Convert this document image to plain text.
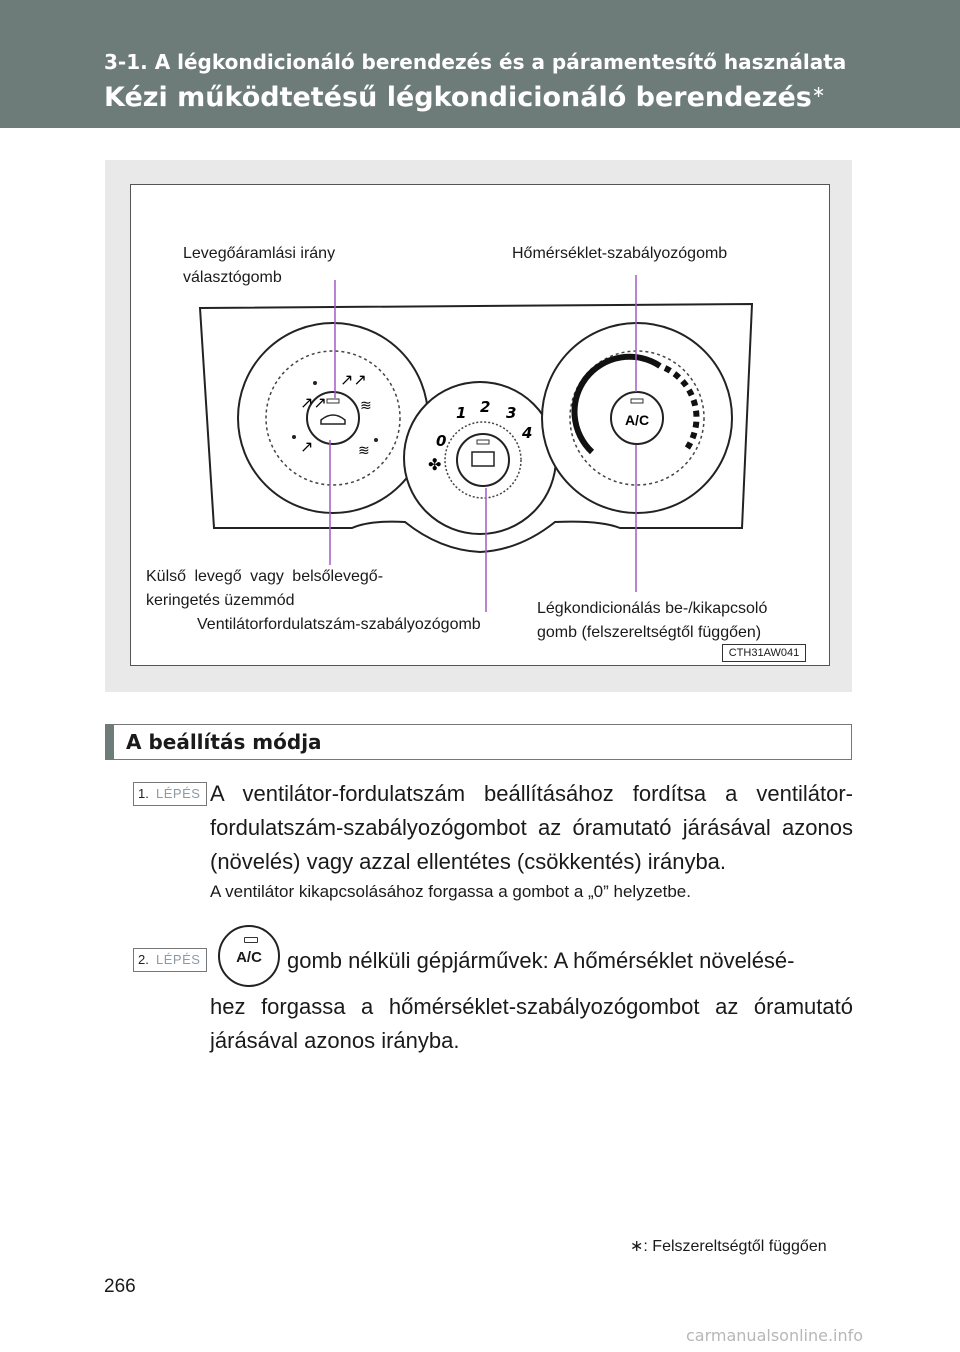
3-1. A légkondicionáló berendezés és a páramentesítő használata
Kézi működtetésű légkondicionáló berendezés∗
↗↗
↗↗
↗
≋
≋
0
1 2 3
4
✤
A/C
Levegőáramlási irány
választógomb
Hőmérséklet-szabályozógomb
Külső levegő vagy belsőlevegő-
keringetés üzemmód
Ventilátorfordulatszám-szabályozógomb
Légkondicionálás be-/kikapcsoló
gomb (felszereltségtől függően)
CTH31AW041
A beállítás módja
1. LÉPÉS A ventilátor-fordulatszám beállításához fordítsa a ventilátor-fordulatszám-szabályozógombot az óramutató járásával azonos (növelés) vagy azzal ellentétes (csökkentés) irányba.
A ventilátor kikapcsolásához forgassa a gombot a „0” helyzetbe.
2. LÉPÉS	A/C	gomb nélküli gépjárművek: A hőmérséklet növelésé-
hez forgassa a hőmérséklet-szabályozógombot az óramutató járásával azonos irányba.
∗: Felszereltségtől függően
266
carmanualsonline.info
